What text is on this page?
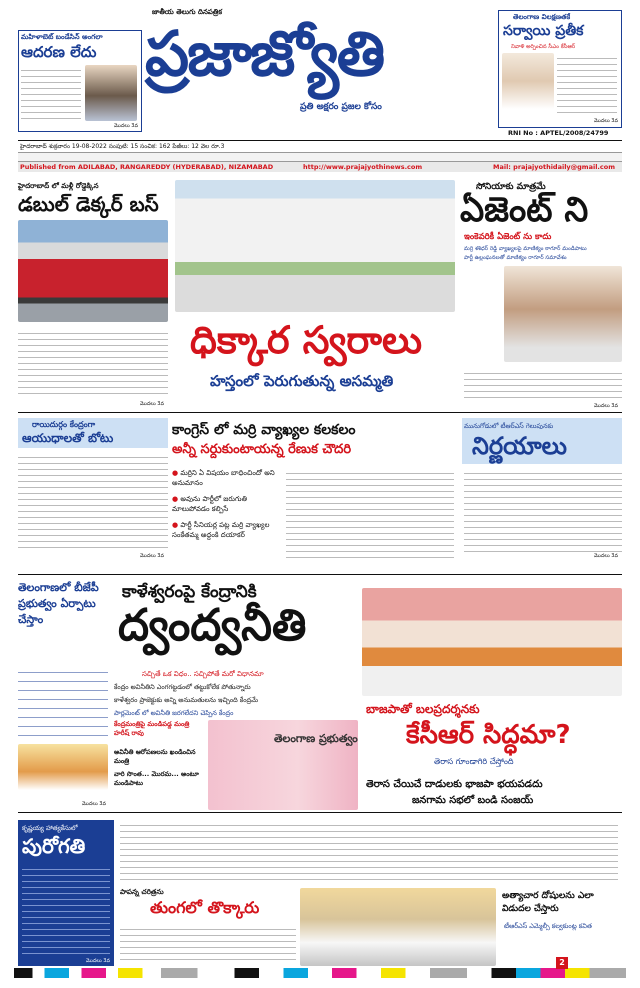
మహిళాబెట్ బండేసిన్ అంగలా
ఆదరణ లేదు
మొదలు 3వ
జాతీయ తెలుగు దినపత్రిక
ప్రజాజ్యోతి
ప్రతి అక్షరం ప్రజల కోసం
తెలంగాణ విలక్షణతకే
సర్వాయి ప్రతీక
నివాళి అర్పించిన సీఎం కేసీఆర్
మొదలు 3వ
RNI No : APTEL/2008/24799
హైదరాబాద్ శుక్రవారం 19-08-2022 సంపుటి: 15 సంచిక: 162 పేజీలు: 12 వెల రూ.3
Published from ADILABAD, RANGAREDDY (HYDERABAD), NIZAMABAD	http://www.prajajyothinews.com	Mail: prajajyothidaily@gmail.com
హైదరాబాద్ లో మళ్లీ రోడ్డెక్కిన
డబుల్ డెక్కర్ బస్
మొదలు 3వ
సోనియాకు మాత్రమే
ఏజెంట్ ని
ఇంకెవరికీ ఏజెంట్ ను కాదు
మర్రి శశిధర్ రెడ్డి వ్యాఖ్యలపై మాణిక్యం ఠాగూర్ మండిపాటు
పార్టీ ఉల్లంఘనలతో మాణిక్యం రాగూర్ సమావేశం
మొదలు 3వ
ధిక్కార స్వరాలు
హస్తంలో పెరుగుతున్న అసమ్మతి
రాయిదుర్గం కేంద్రంగా
ఆయుధాలతో బోటు
మొదలు 3వ
కాంగ్రెస్ లో మర్రి వ్యాఖ్యల కలకలం
అన్నీ సర్దుకుంటాయన్న రేణుక చౌదరి
● మర్రిని ఏ విషయం బాధించిందో అని అనుమానం
● అవును పార్టీలో జరుగుతి మాలుపోవడం కల్పిసే
● పార్టీ సీనియర్ల పట్ల మర్రి వ్యాఖ్యల సంకేతమ్మ అద్దంకి దయాకర్
మునుగోడులో టీఆర్ఎస్ గెలుపునకు
నిర్ణయాలు
మొదలు 3వ
తెలంగాణలో బీజేపీ ప్రభుత్వం ఏర్పాటు చేస్తాం
మొదలు 3వ
కాళేశ్వరంపై కేంద్రానికి
ద్వంద్వనీతి
సచ్చితే ఒక విధం.. సచ్చిపోతే మరో విధానమా
కేంద్రం అవినీతిని ఎంగగట్టడంలో తట్టుకోలేక పోతున్నారు
కాళేశ్వరం ప్రాజెక్టుకు అన్ని అనుమతులను ఇచ్చింది కేంద్రమే
పార్లమెంట్ లో అవినీతి జరగలేదని చెప్పిన కేంద్రం	బాజపాతో బలప్రదర్శనకు
కేసీఆర్ సిద్ధమా?
తెరాస గూండాగిరి చేస్తోంది
తెరాస చేయిచే దాడులకు భాజపా భయపడదు
జనగామ సభలో బండి సంజయ్
కేంద్రమంత్రిపై మండిపడ్డ మంత్రి హరీష్ రావు
అవినీతి ఆరోపణలను ఖండించిన మంత్రి
వారి సొంత... మొరమ... అంటూ మండిపాటు
తెలంగాణ ప్రభుత్వం
కృష్ణయ్య హాత్యకేసులో
పురోగతి
మొదలు 3వ
పాపన్న చరిత్రను
తుంగలో తొక్కారు
అత్యాచార దోషులను ఎలా విడుదల చేస్తారు
టీఆర్ఎస్ ఎమ్మెల్సీ కల్వకుంట్ల కవిత
2
